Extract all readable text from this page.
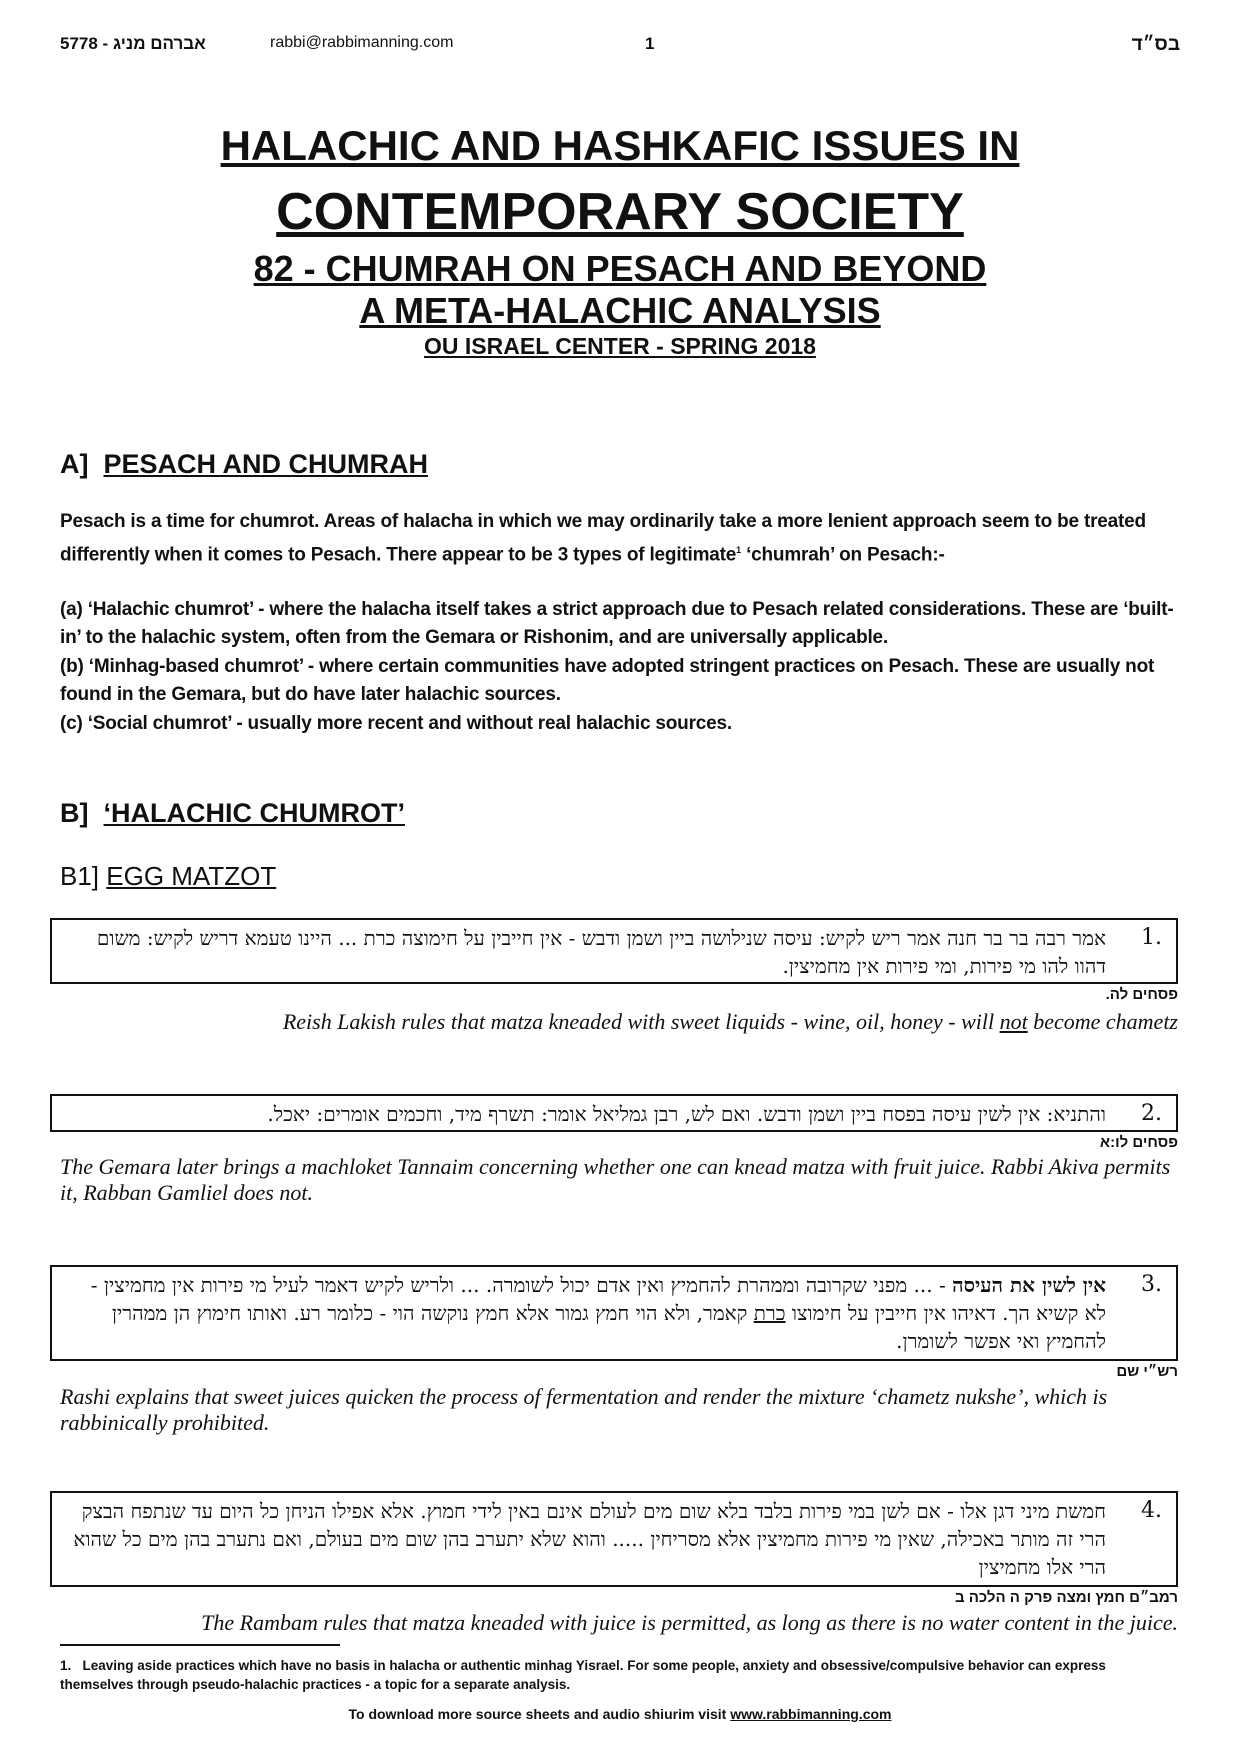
5778 - אברהם מניג	rabbi@rabbimanning.com	1	בס״ד
HALACHIC AND HASHKAFIC ISSUES IN
CONTEMPORARY SOCIETY
82 - CHUMRAH ON PESACH AND BEYOND
A META-HALACHIC ANALYSIS
OU ISRAEL CENTER - SPRING 2018
A] PESACH AND CHUMRAH
Pesach is a time for chumrot. Areas of halacha in which we may ordinarily take a more lenient approach seem to be treated differently when it comes to Pesach. There appear to be 3 types of legitimate$^1$ ‘chumrah’ on Pesach:-
(a) ‘Halachic chumrot’ - where the halacha itself takes a strict approach due to Pesach related considerations. These are ‘built-in’ to the halachic system, often from the Gemara or Rishonim, and are universally applicable.
(b) ‘Minhag-based chumrot’ - where certain communities have adopted stringent practices on Pesach. These are usually not found in the Gemara, but do have later halachic sources.
(c) ‘Social chumrot’ - usually more recent and without real halachic sources.
B] ‘HALACHIC CHUMROT’
B1] EGG MATZOT
1.
אמר רבה בר בר חנה אמר ריש לקיש: עיסה שנילושה ביין ושמן ודבש - אין חייבין על חימוצה כרת ... היינו טעמא דריש לקיש: משום דהוו להו מי פירות, ומי פירות אין מחמיצין.
פסחים לה.
Reish Lakish rules that matza kneaded with sweet liquids - wine, oil, honey - will not become chametz
2.
והתניא: אין לשין עיסה בפסח ביין ושמן ודבש. ואם לש, רבן גמליאל אומר: תשרף מיד, וחכמים אומרים: יאכל.
פסחים לו:א
The Gemara later brings a machloket Tannaim concerning whether one can knead matza with fruit juice. Rabbi Akiva permits it, Rabban Gamliel does not.
3.
אין לשין את העיסה - ... מפני שקרובה וממהרת להחמיץ ואין אדם יכול לשומרה. ... ולריש לקיש דאמר לעיל מי פירות אין מחמיצין - לא קשיא הך. דאיהו אין חייבין על חימוצו כרת קאמר, ולא הוי חמץ גמור אלא חמץ נוקשה הוי - כלומר רע. ואותו חימוץ הן ממהרין להחמיץ ואי אפשר לשומרן.
רש״י שם
Rashi explains that sweet juices quicken the process of fermentation and render the mixture ‘chametz nukshe’, which is rabbinically prohibited.
4.
חמשת מיני דגן אלו - אם לשן במי פירות בלבד בלא שום מים לעולם אינם באין לידי חמוץ. אלא אפילו הניחן כל היום עד שנתפח הבצק הרי זה מותר באכילה, שאין מי פירות מחמיצין אלא מסריחין ..... והוא שלא יתערב בהן שום מים בעולם, ואם נתערב בהן מים כל שהוא הרי אלו מחמיצין
רמב״ם חמץ ומצה פרק ה הלכה ב
The Rambam rules that matza kneaded with juice is permitted, as long as there is no water content in the juice.
1. Leaving aside practices which have no basis in halacha or authentic minhag Yisrael. For some people, anxiety and obsessive/compulsive behavior can express themselves through pseudo-halachic practices - a topic for a separate analysis.
To download more source sheets and audio shiurim visit www.rabbimanning.com
